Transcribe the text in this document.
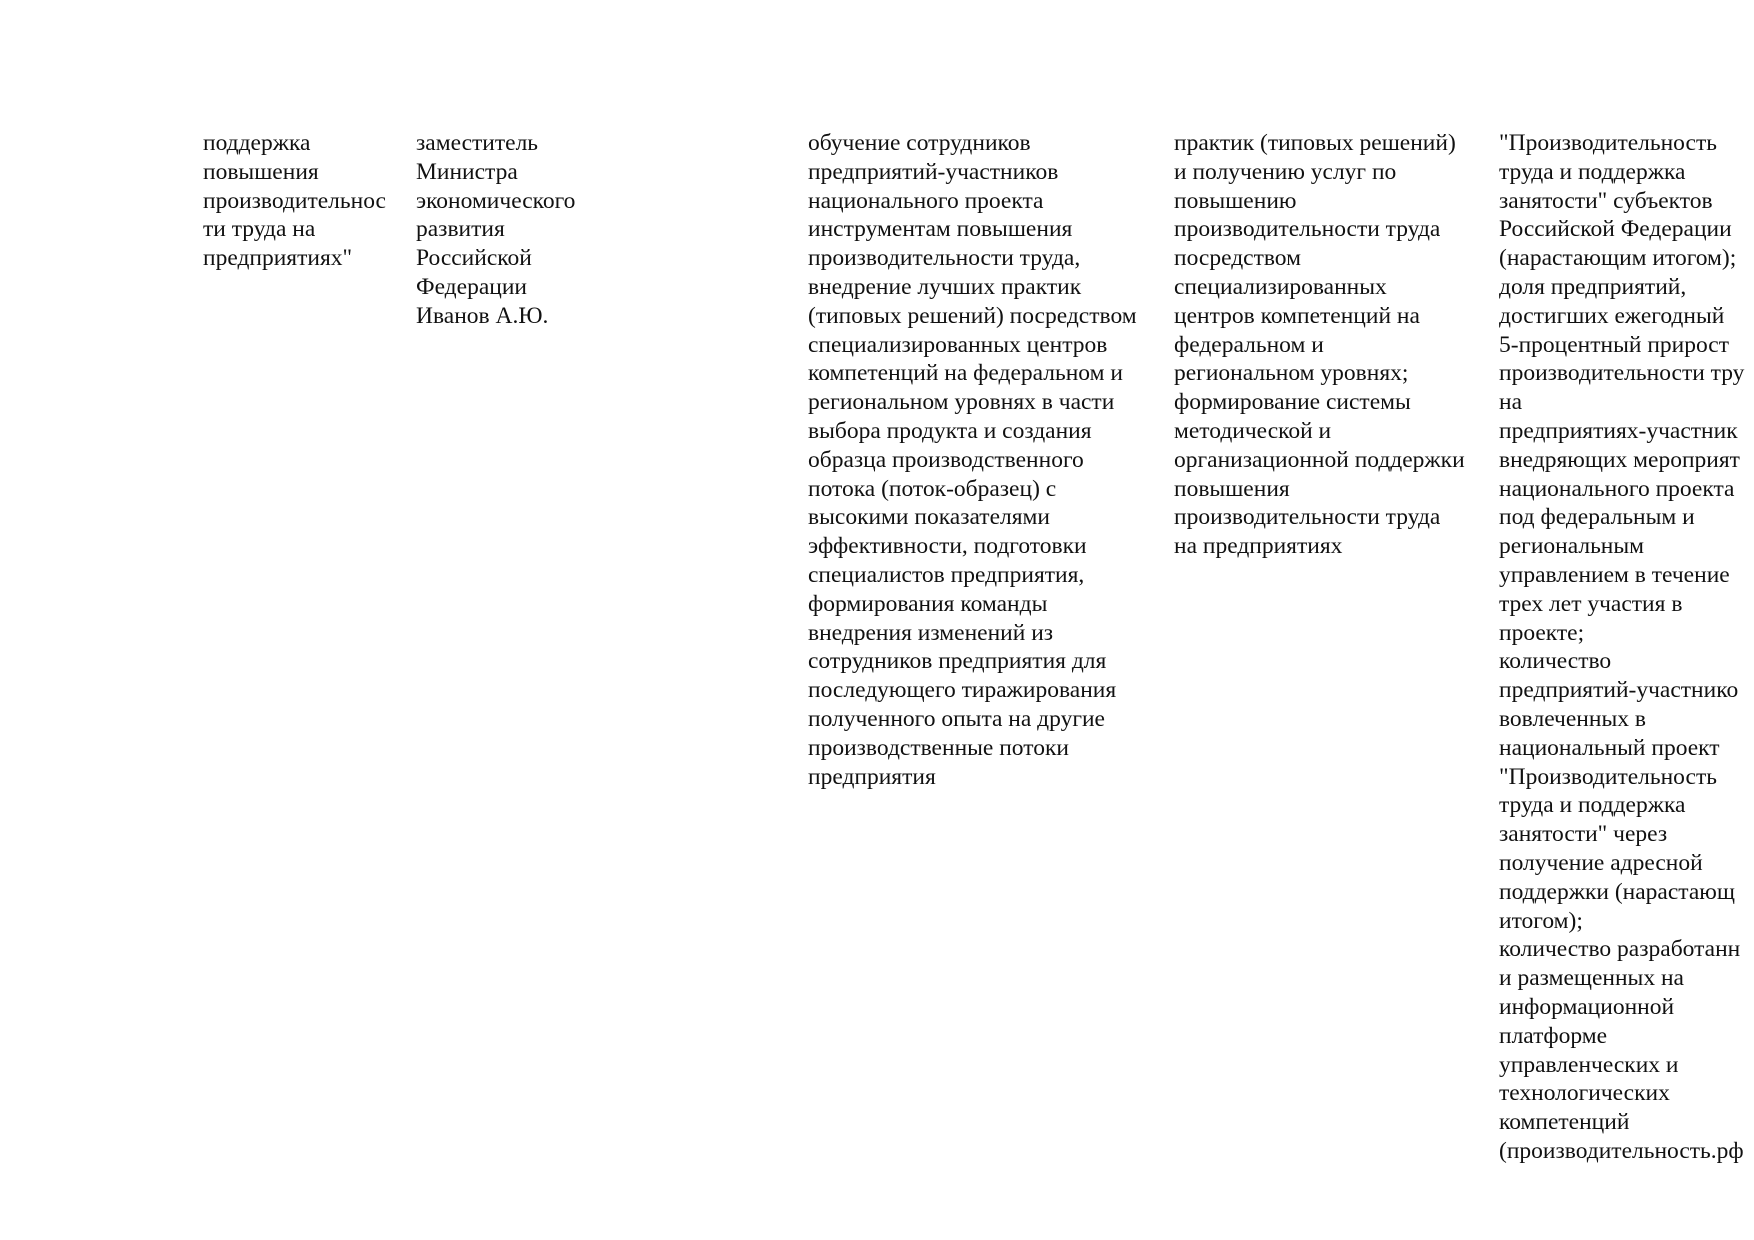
поддержка
повышения
производительнос
ти труда на
предприятиях"
заместитель
Министра
экономического
развития
Российской
Федерации
Иванов А.Ю.
обучение сотрудников
предприятий-участников
национального проекта
инструментам повышения
производительности труда,
внедрение лучших практик
(типовых решений) посредством
специализированных центров
компетенций на федеральном и
региональном уровнях в части
выбора продукта и создания
образца производственного
потока (поток-образец) с
высокими показателями
эффективности, подготовки
специалистов предприятия,
формирования команды
внедрения изменений из
сотрудников предприятия для
последующего тиражирования
полученного опыта на другие
производственные потоки
предприятия
практик (типовых решений)
и получению услуг по
повышению
производительности труда
посредством
специализированных
центров компетенций на
федеральном и
региональном уровнях;
формирование системы
методической и
организационной поддержки
повышения
производительности труда
на предприятиях
"Производительность
труда и поддержка
занятости" субъектов
Российской Федерации
(нарастающим итогом);
доля предприятий,
достигших ежегодный
5-процентный прирост
производительности тру
на
предприятиях-участник
внедряющих мероприят
национального проекта
под федеральным и
региональным
управлением в течение
трех лет участия в
проекте;
количество
предприятий-участнико
вовлеченных в
национальный проект
"Производительность
труда и поддержка
занятости" через
получение адресной
поддержки (нарастающ
итогом);
количество разработанн
и размещенных на
информационной
платформе
управленческих и
технологических
компетенций
(производительность.рф
